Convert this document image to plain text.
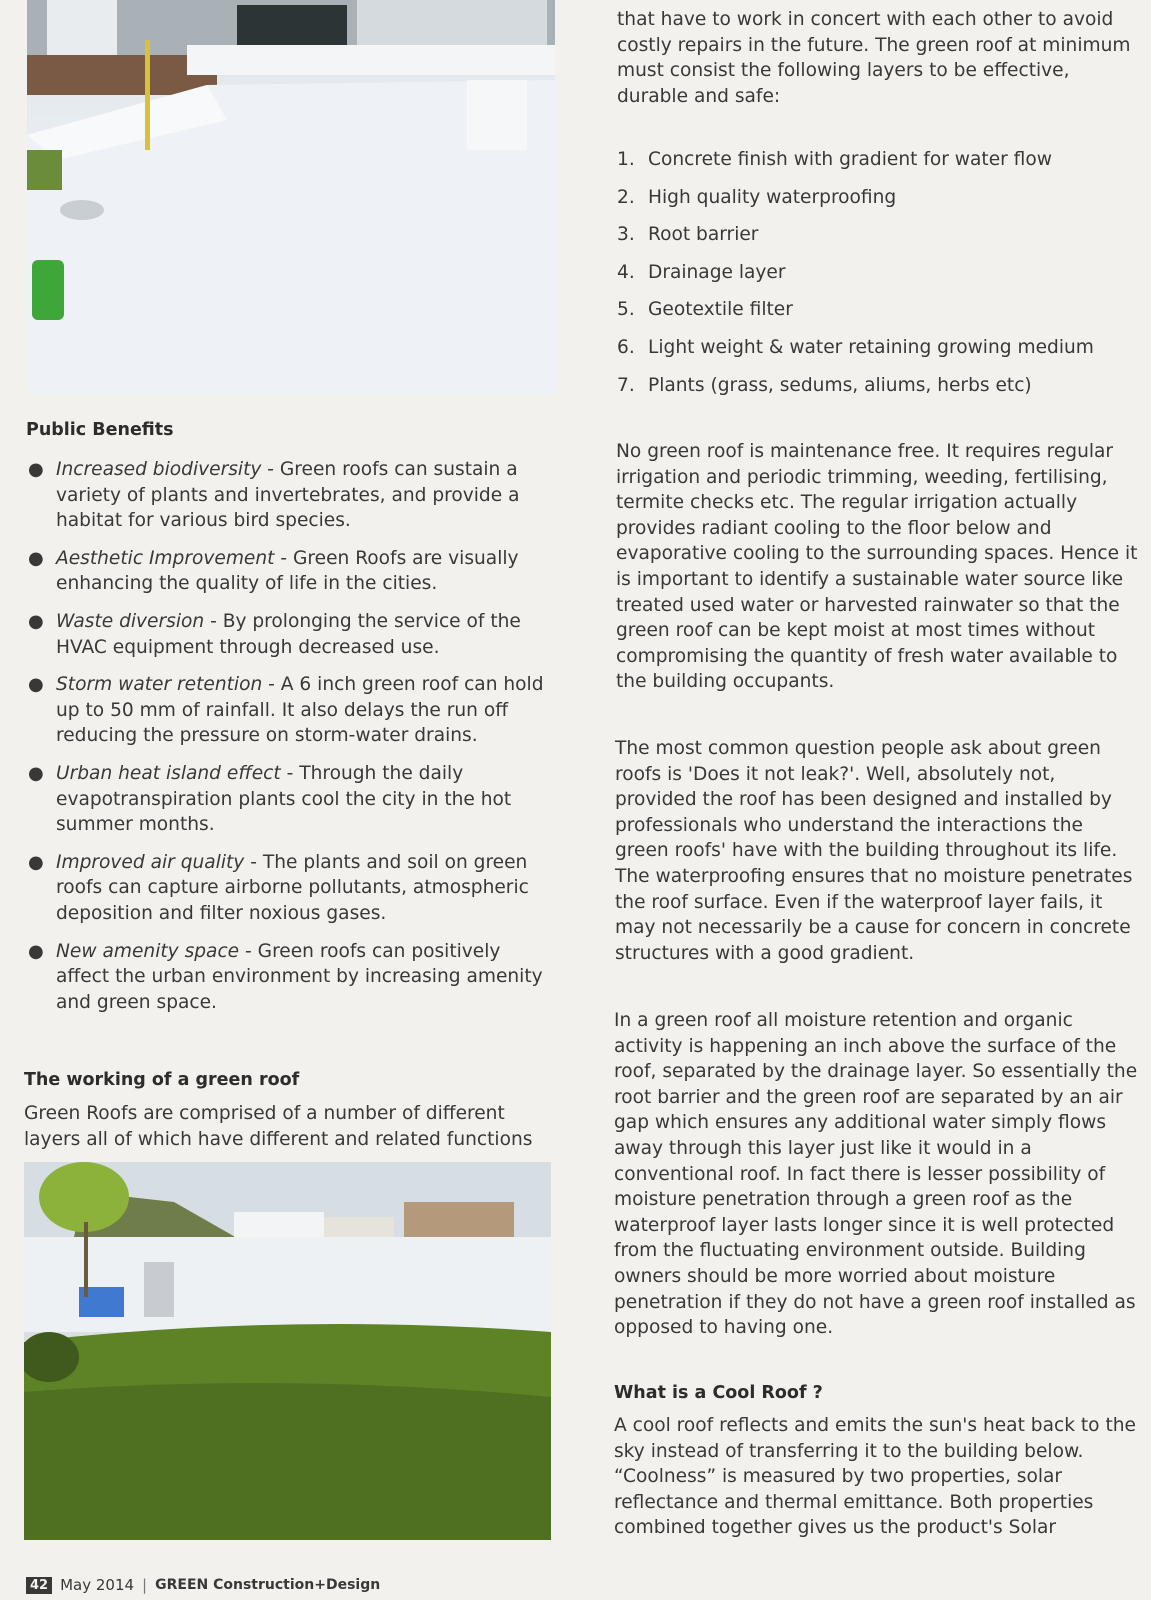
Public Benefits

● Increased biodiversity - Green roofs can sustain a variety of plants and invertebrates, and provide a habitat for various bird species.
● Aesthetic Improvement - Green Roofs are visually enhancing the quality of life in the cities.
● Waste diversion - By prolonging the service of the HVAC equipment through decreased use.
● Storm water retention - A 6 inch green roof can hold up to 50 mm of rainfall. It also delays the run off reducing the pressure on storm-water drains.
● Urban heat island effect - Through the daily evapotranspiration plants cool the city in the hot summer months.
● Improved air quality - The plants and soil on green roofs can capture airborne pollutants, atmospheric deposition and filter noxious gases.
● New amenity space - Green roofs can positively affect the urban environment by increasing amenity and green space.

The working of a green roof

Green Roofs are comprised of a number of different layers all of which have different and related functions

that have to work in concert with each other to avoid costly repairs in the future. The green roof at minimum must consist the following layers to be effective, durable and safe:

1. Concrete finish with gradient for water flow
2. High quality waterproofing
3. Root barrier
4. Drainage layer
5. Geotextile filter
6. Light weight & water retaining growing medium
7. Plants (grass, sedums, aliums, herbs etc)

No green roof is maintenance free. It requires regular irrigation and periodic trimming, weeding, fertilising, termite checks etc. The regular irrigation actually provides radiant cooling to the floor below and evaporative cooling to the surrounding spaces. Hence it is important to identify a sustainable water source like treated used water or harvested rainwater so that the green roof can be kept moist at most times without compromising the quantity of fresh water available to the building occupants.

The most common question people ask about green roofs is 'Does it not leak?'. Well, absolutely not, provided the roof has been designed and installed by professionals who understand the interactions the green roofs' have with the building throughout its life. The waterproofing ensures that no moisture penetrates the roof surface. Even if the waterproof layer fails, it may not necessarily be a cause for concern in concrete structures with a good gradient.

In a green roof all moisture retention and organic activity is happening an inch above the surface of the roof, separated by the drainage layer. So essentially the root barrier and the green roof are separated by an air gap which ensures any additional water simply flows away through this layer just like it would in a conventional roof. In fact there is lesser possibility of moisture penetration through a green roof as the waterproof layer lasts longer since it is well protected from the fluctuating environment outside. Building owners should be more worried about moisture penetration if they do not have a green roof installed as opposed to having one.

What is a Cool Roof ?

A cool roof reflects and emits the sun's heat back to the sky instead of transferring it to the building below. “Coolness” is measured by two properties, solar reflectance and thermal emittance. Both properties combined together gives us the product's Solar

42 May 2014 | GREEN Construction+Design
